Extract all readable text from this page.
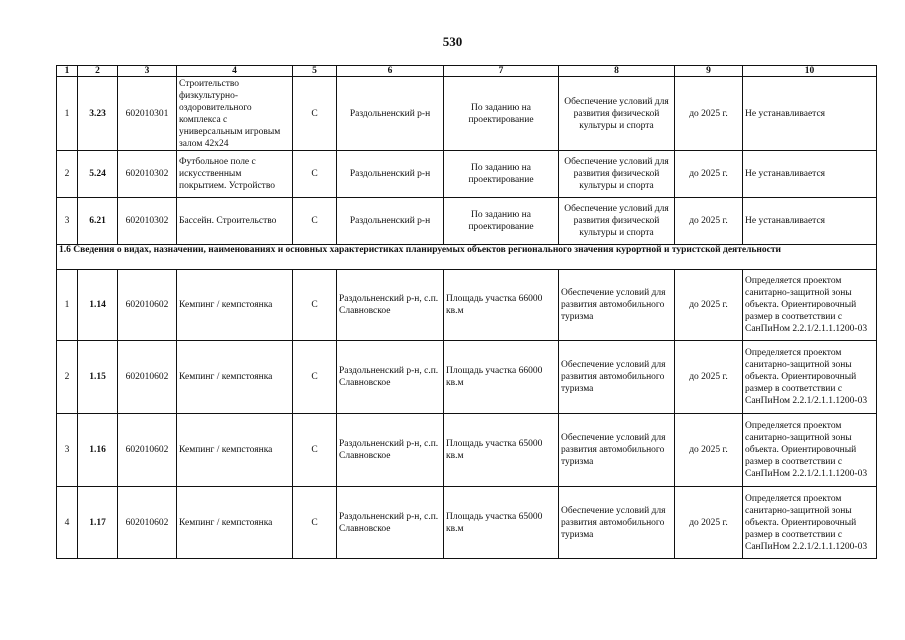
530
1	2	3	4	5	6	7	8	9	10
1	3.23	602010301	Строительство физкультурно-оздоровительного комплекса с универсальным игровым залом 42х24	С	Раздольненский р-н	По заданию на проектирование	Обеспечение условий для развития физической культуры и спорта	до 2025 г.	Не устанавливается
2	5.24	602010302	Футбольное поле с искусственным покрытием. Устройство	С	Раздольненский р-н	По заданию на проектирование	Обеспечение условий для развития физической культуры и спорта	до 2025 г.	Не устанавливается
3	6.21	602010302	Бассейн. Строительство	С	Раздольненский р-н	По заданию на проектирование	Обеспечение условий для развития физической культуры и спорта	до 2025 г.	Не устанавливается
1.6 Сведения о видах, назначении, наименованиях и основных характеристиках планируемых объектов регионального значения курортной и туристской деятельности									
1	1.14	602010602	Кемпинг / кемпстоянка	С	Раздольненский р-н, с.п. Славновское	Площадь участка 66000 кв.м	Обеспечение условий для развития автомобильного туризма	до 2025 г.	Определяется проектом санитарно-защитной зоны объекта. Ориентировочный размер в соответствии с СанПиНом 2.2.1/2.1.1.1200-03
2	1.15	602010602	Кемпинг / кемпстоянка	С	Раздольненский р-н, с.п. Славновское	Площадь участка 66000 кв.м	Обеспечение условий для развития автомобильного туризма	до 2025 г.	Определяется проектом санитарно-защитной зоны объекта. Ориентировочный размер в соответствии с СанПиНом 2.2.1/2.1.1.1200-03
3	1.16	602010602	Кемпинг / кемпстоянка	С	Раздольненский р-н, с.п. Славновское	Площадь участка 65000 кв.м	Обеспечение условий для развития автомобильного туризма	до 2025 г.	Определяется проектом санитарно-защитной зоны объекта. Ориентировочный размер в соответствии с СанПиНом 2.2.1/2.1.1.1200-03
4	1.17	602010602	Кемпинг / кемпстоянка	С	Раздольненский р-н, с.п. Славновское	Площадь участка 65000 кв.м	Обеспечение условий для развития автомобильного туризма	до 2025 г.	Определяется проектом санитарно-защитной зоны объекта. Ориентировочный размер в соответствии с СанПиНом 2.2.1/2.1.1.1200-03
